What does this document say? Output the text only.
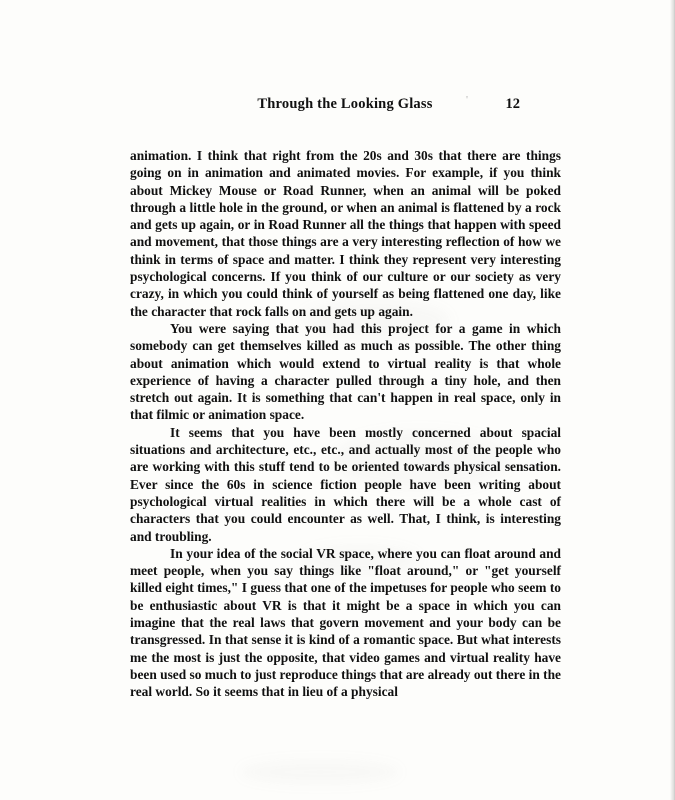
Through the Looking Glass	'	12

animation. I think that right from the 20s and 30s that there are things going on in animation and animated movies. For example, if you think about Mickey Mouse or Road Runner, when an animal will be poked through a little hole in the ground, or when an animal is flattened by a rock and gets up again, or in Road Runner all the things that happen with speed and movement, that those things are a very interesting reflection of how we think in terms of space and matter. I think they represent very interesting psychological concerns. If you think of our culture or our society as very crazy, in which you could think of yourself as being flattened one day, like the character that rock falls on and gets up again.

You were saying that you had this project for a game in which somebody can get themselves killed as much as possible. The other thing about animation which would extend to virtual reality is that whole experience of having a character pulled through a tiny hole, and then stretch out again. It is something that can't happen in real space, only in that filmic or animation space.

It seems that you have been mostly concerned about spacial situations and architecture, etc., etc., and actually most of the people who are working with this stuff tend to be oriented towards physical sensation. Ever since the 60s in science fiction people have been writing about psychological virtual realities in which there will be a whole cast of characters that you could encounter as well. That, I think, is interesting and troubling.

In your idea of the social VR space, where you can float around and meet people, when you say things like "float around," or "get yourself killed eight times," I guess that one of the impetuses for people who seem to be enthusiastic about VR is that it might be a space in which you can imagine that the real laws that govern movement and your body can be transgressed. In that sense it is kind of a romantic space. But what interests me the most is just the opposite, that video games and virtual reality have been used so much to just reproduce things that are already out there in the real world. So it seems that in lieu of a physical
